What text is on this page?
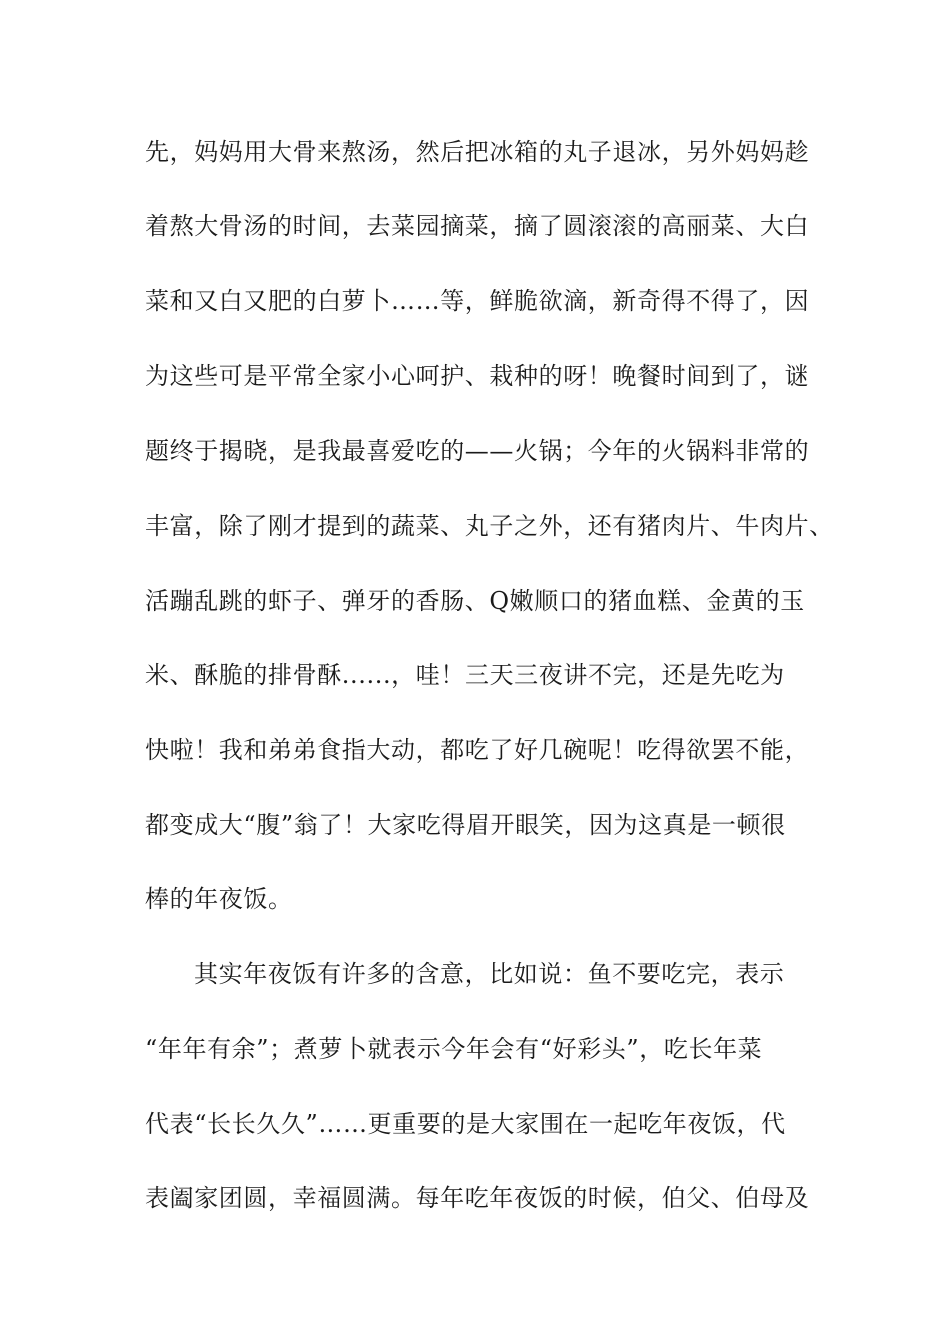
先，妈妈用大骨来熬汤，然后把冰箱的丸子退冰，另外妈妈趁
着熬大骨汤的时间，去菜园摘菜，摘了圆滚滚的高丽菜、大白
菜和又白又肥的白萝卜……等，鲜脆欲滴，新奇得不得了，因
为这些可是平常全家小心呵护、栽种的呀！晚餐时间到了，谜
题终于揭晓，是我最喜爱吃的——火锅；今年的火锅料非常的
丰富，除了刚才提到的蔬菜、丸子之外，还有猪肉片、牛肉片、
活蹦乱跳的虾子、弹牙的香肠、Q嫩顺口的猪血糕、金黄的玉
米、酥脆的排骨酥......，哇！三天三夜讲不完，还是先吃为
快啦！我和弟弟食指大动，都吃了好几碗呢！吃得欲罢不能，
都变成大“腹”翁了！大家吃得眉开眼笑，因为这真是一顿很
棒的年夜饭。
其实年夜饭有许多的含意，比如说：鱼不要吃完，表示
“年年有余”；煮萝卜就表示今年会有“好彩头”，吃长年菜
代表“长长久久”……更重要的是大家围在一起吃年夜饭，代
表阖家团圆，幸福圆满。每年吃年夜饭的时候，伯父、伯母及
